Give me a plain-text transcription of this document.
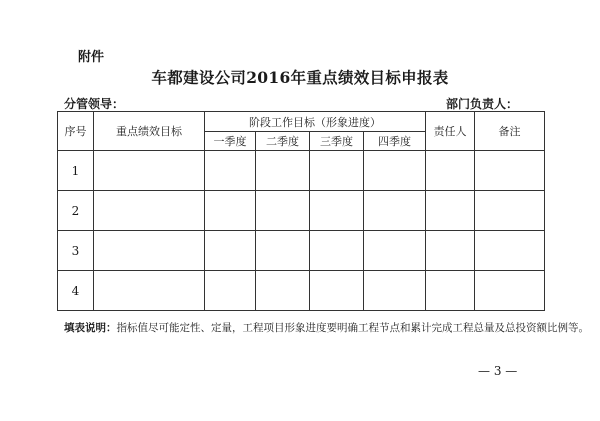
附件
车都建设公司2016年重点绩效目标申报表
分管领导：	部门负责人：
序号	重点绩效目标	阶段工作目标（形象进度）				责任人	备注
		一季度	二季度	三季度	四季度		
1							
2							
3							
4							
填表说明：指标值尽可能定性、定量，工程项目形象进度要明确工程节点和累计完成工程总量及总投资额比例等。
— 3 —
